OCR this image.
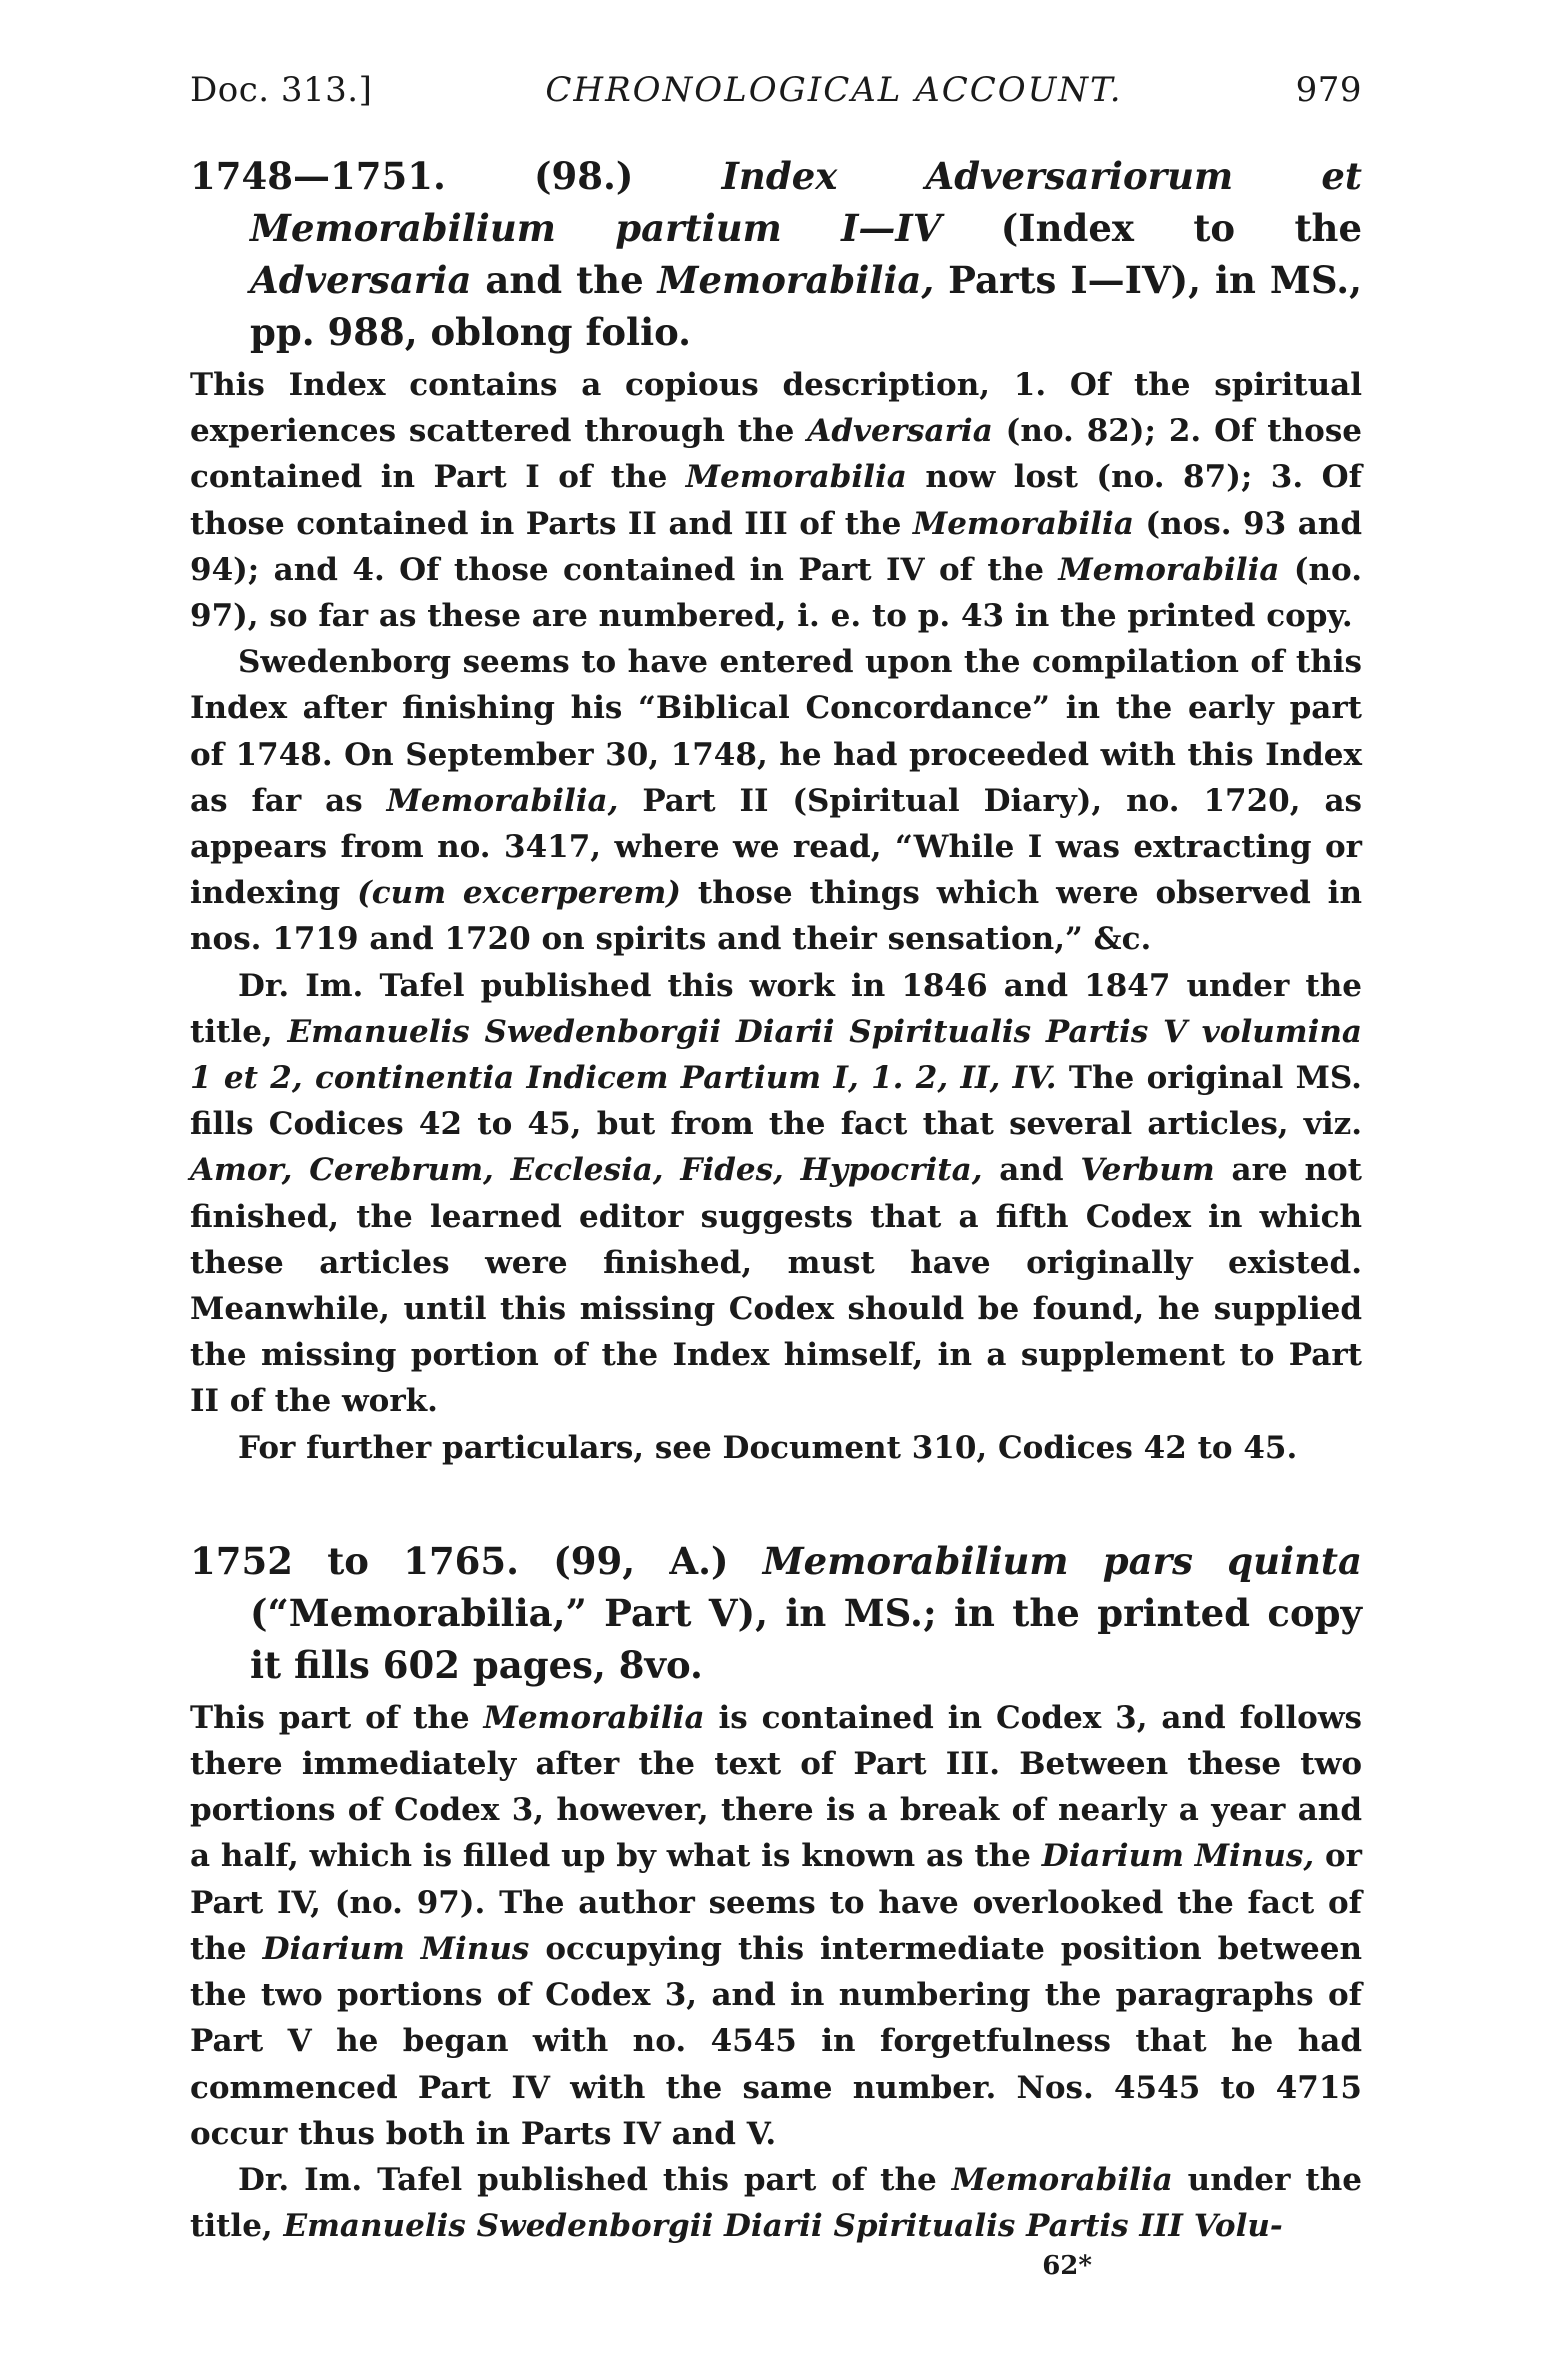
Doc. 313.]	CHRONOLOGICAL ACCOUNT.	979
1748—1751. (98.) Index Adversariorum et Memorabilium partium I—IV (Index to the Adversaria and the Memorabilia, Parts I—IV), in MS., pp. 988, oblong folio.

This Index contains a copious description, 1. Of the spiritual experiences scattered through the Adversaria (no. 82); 2. Of those contained in Part I of the Memorabilia now lost (no. 87); 3. Of those contained in Parts II and III of the Memorabilia (nos. 93 and 94); and 4. Of those contained in Part IV of the Memorabilia (no. 97), so far as these are numbered, i. e. to p. 43 in the printed copy.

Swedenborg seems to have entered upon the compilation of this Index after finishing his “Biblical Concordance” in the early part of 1748. On September 30, 1748, he had proceeded with this Index as far as Memorabilia, Part II (Spiritual Diary), no. 1720, as appears from no. 3417, where we read, “While I was extracting or indexing (cum excerperem) those things which were observed in nos. 1719 and 1720 on spirits and their sensation,” &c.

Dr. Im. Tafel published this work in 1846 and 1847 under the title, Emanuelis Swedenborgii Diarii Spiritualis Partis V volumina 1 et 2, continentia Indicem Partium I, 1. 2, II, IV. The original MS. fills Codices 42 to 45, but from the fact that several articles, viz. Amor, Cerebrum, Ecclesia, Fides, Hypocrita, and Verbum are not finished, the learned editor suggests that a fifth Codex in which these articles were finished, must have originally existed. Meanwhile, until this missing Codex should be found, he supplied the missing portion of the Index himself, in a supplement to Part II of the work.

For further particulars, see Document 310, Codices 42 to 45.

1752 to 1765. (99, A.) Memorabilium pars quinta (“Memorabilia,” Part V), in MS.; in the printed copy it fills 602 pages, 8vo.

This part of the Memorabilia is contained in Codex 3, and follows there immediately after the text of Part III. Between these two portions of Codex 3, however, there is a break of nearly a year and a half, which is filled up by what is known as the Diarium Minus, or Part IV, (no. 97). The author seems to have overlooked the fact of the Diarium Minus occupying this intermediate position between the two portions of Codex 3, and in numbering the paragraphs of Part V he began with no. 4545 in forgetfulness that he had commenced Part IV with the same number. Nos. 4545 to 4715 occur thus both in Parts IV and V.

Dr. Im. Tafel published this part of the Memorabilia under the title, Emanuelis Swedenborgii Diarii Spiritualis Partis III Volu-

62*
